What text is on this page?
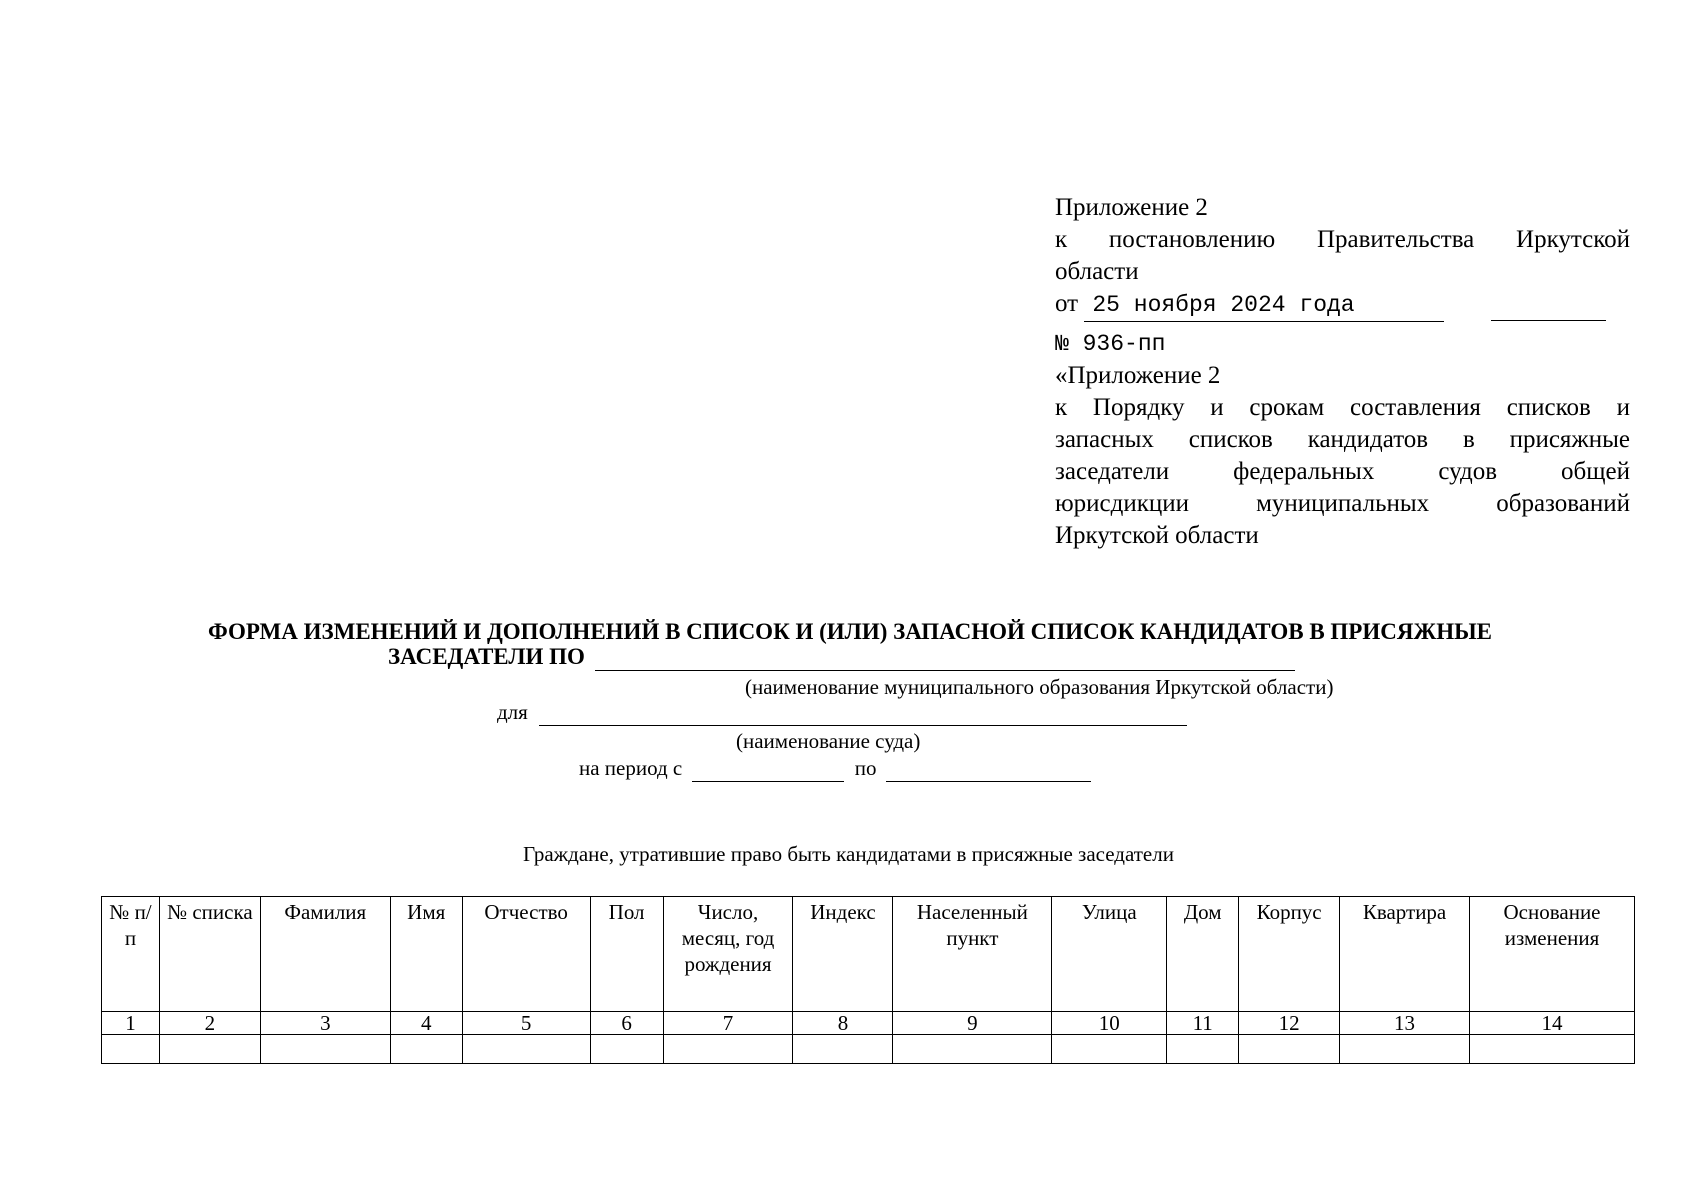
Приложение 2
к постановлению Правительства Иркутской
области
от 25 ноября 2024 года
№ 936-пп
«Приложение 2
к Порядку и срокам составления списков и
запасных списков кандидатов в присяжные
заседатели	федеральных	судов	общей
юрисдикции	муниципальных	образований
Иркутской области
ФОРМА ИЗМЕНЕНИЙ И ДОПОЛНЕНИЙ В СПИСОК И (ИЛИ) ЗАПАСНОЙ СПИСОК КАНДИДАТОВ В ПРИСЯЖНЫЕ
ЗАСЕДАТЕЛИ ПО
(наименование муниципального образования Иркутской области)
для
(наименование суда)
на период с	по
Граждане, утратившие право быть кандидатами в присяжные заседатели
№ п/п	№ списка	Фамилия	Имя	Отчество	Пол	Число, месяц, год рождения	Индекс	Населенный пункт	Улица	Дом	Корпус	Квартира	Основание изменения
1	2	3	4	5	6	7	8	9	10	11	12	13	14
